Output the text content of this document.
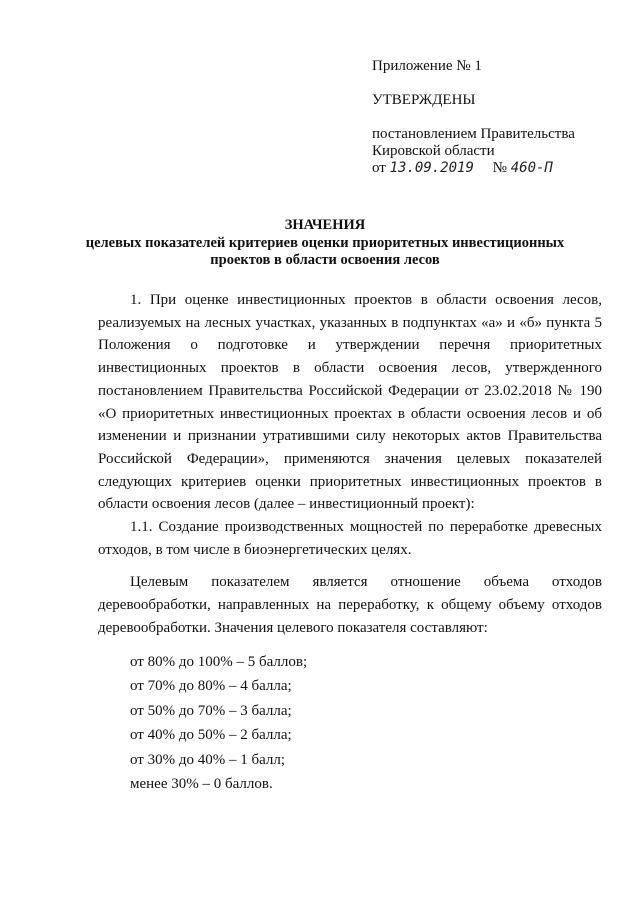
Приложение № 1
УТВЕРЖДЕНЫ
постановлением Правительства
Кировской области
от 13.09.2019 № 460-П
ЗНАЧЕНИЯ
целевых показателей критериев оценки приоритетных инвестиционных
проектов в области освоения лесов

1. При оценке инвестиционных проектов в области освоения лесов, реализуемых на лесных участках, указанных в подпунктах «а» и «б» пункта 5 Положения о подготовке и утверждении перечня приоритетных инвестиционных проектов в области освоения лесов, утвержденного постановлением Правительства Российской Федерации от 23.02.2018 № 190 «О приоритетных инвестиционных проектах в области освоения лесов и об изменении и признании утратившими силу некоторых актов Правительства Российской Федерации», применяются значения целевых показателей следующих критериев оценки приоритетных инвестиционных проектов в области освоения лесов (далее – инвестиционный проект):

1.1. Создание производственных мощностей по переработке древесных отходов, в том числе в биоэнергетических целях.

Целевым показателем является отношение объема отходов деревообработки, направленных на переработку, к общему объему отходов деревообработки. Значения целевого показателя составляют:

от 80% до 100% – 5 баллов;
от 70% до 80% – 4 балла;
от 50% до 70% – 3 балла;
от 40% до 50% – 2 балла;
от 30% до 40% – 1 балл;
менее 30% – 0 баллов.
